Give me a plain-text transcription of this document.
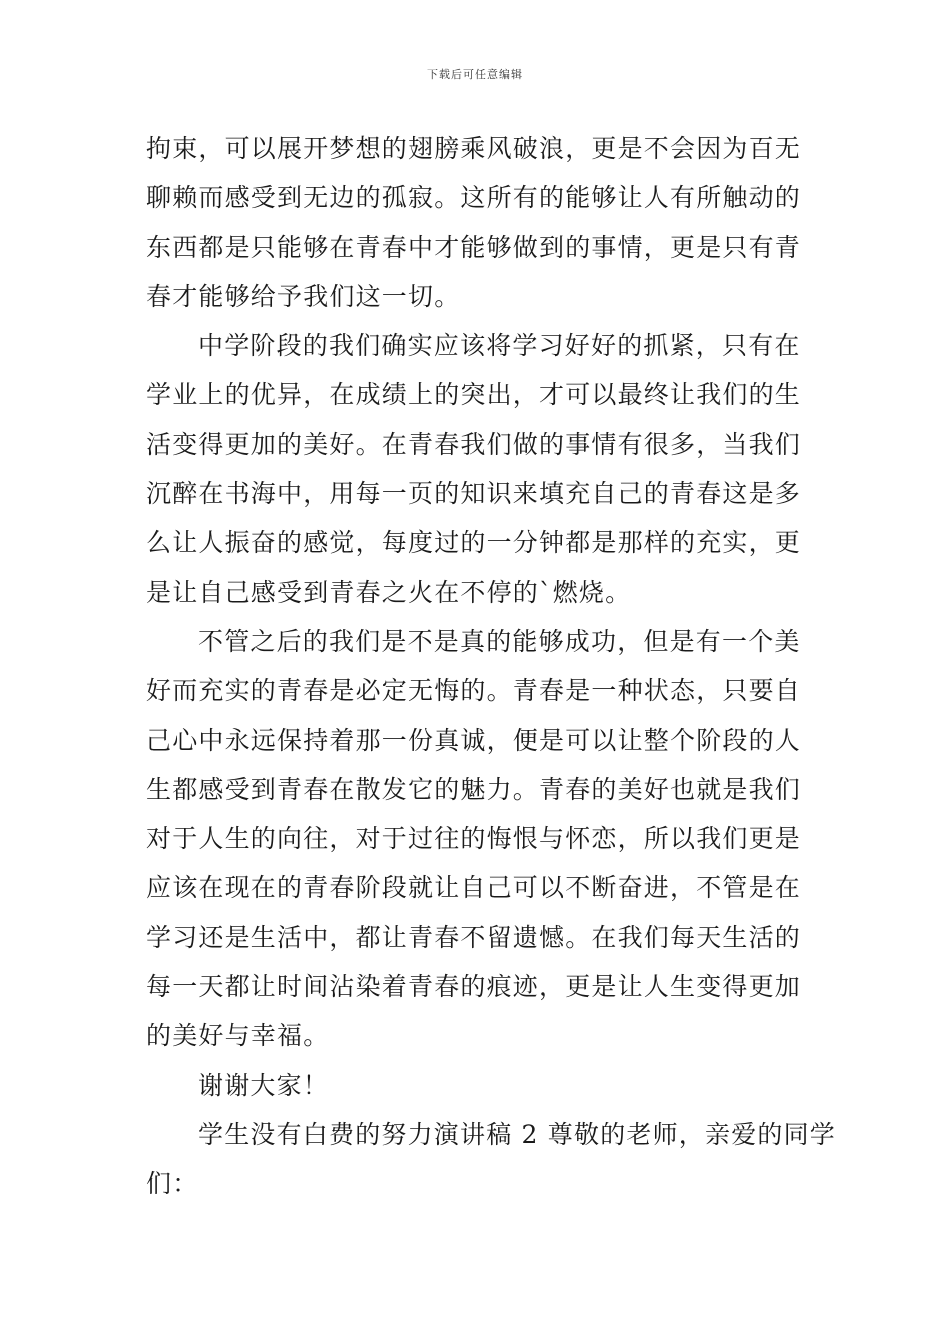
下载后可任意编辑
拘束，可以展开梦想的翅膀乘风破浪，更是不会因为百无
聊赖而感受到无边的孤寂。这所有的能够让人有所触动的
东西都是只能够在青春中才能够做到的事情，更是只有青
春才能够给予我们这一切。
中学阶段的我们确实应该将学习好好的抓紧，只有在
学业上的优异，在成绩上的突出，才可以最终让我们的生
活变得更加的美好。在青春我们做的事情有很多，当我们
沉醉在书海中，用每一页的知识来填充自己的青春这是多
么让人振奋的感觉，每度过的一分钟都是那样的充实，更
是让自己感受到青春之火在不停的`燃烧。
不管之后的我们是不是真的能够成功，但是有一个美
好而充实的青春是必定无悔的。青春是一种状态，只要自
己心中永远保持着那一份真诚，便是可以让整个阶段的人
生都感受到青春在散发它的魅力。青春的美好也就是我们
对于人生的向往，对于过往的悔恨与怀恋，所以我们更是
应该在现在的青春阶段就让自己可以不断奋进，不管是在
学习还是生活中，都让青春不留遗憾。在我们每天生活的
每一天都让时间沾染着青春的痕迹，更是让人生变得更加
的美好与幸福。
谢谢大家！
学生没有白费的努力演讲稿 2 尊敬的老师，亲爱的同学
们：
